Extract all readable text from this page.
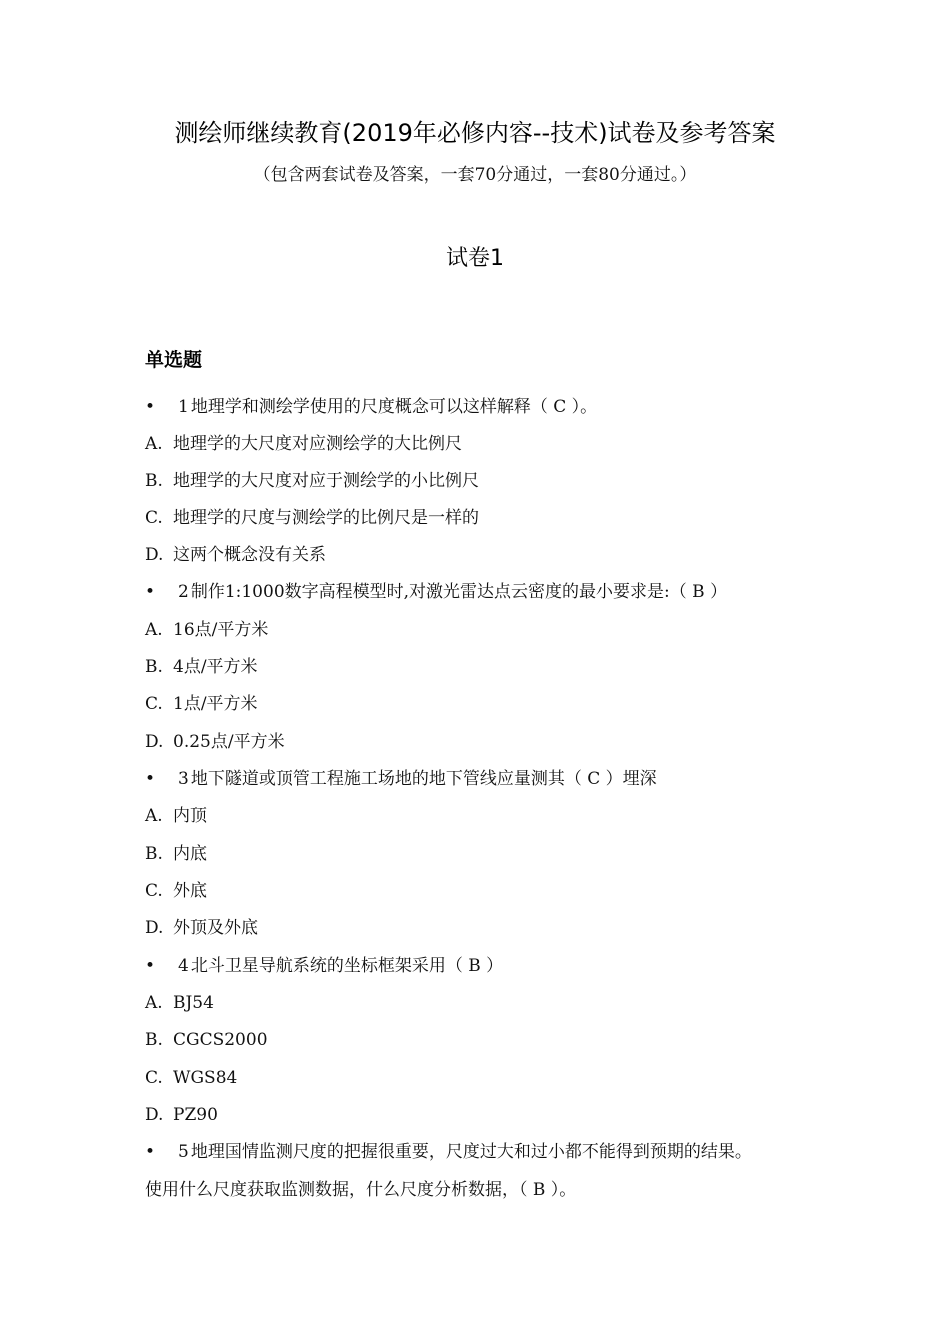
测绘师继续教育(2019年必修内容--技术)试卷及参考答案
（包含两套试卷及答案，一套70分通过，一套80分通过。）
试卷1
单选题
• 1 地理学和测绘学使用的尺度概念可以这样解释（ C ）。
A. 地理学的大尺度对应测绘学的大比例尺
B. 地理学的大尺度对应于测绘学的小比例尺
C. 地理学的尺度与测绘学的比例尺是一样的
D. 这两个概念没有关系
• 2 制作1:1000数字高程模型时,对激光雷达点云密度的最小要求是:（ B ）
A. 16点/平方米
B. 4点/平方米
C. 1点/平方米
D. 0.25点/平方米
• 3 地下隧道或顶管工程施工场地的地下管线应量测其（ C ）埋深
A. 内顶
B. 内底
C. 外底
D. 外顶及外底
• 4 北斗卫星导航系统的坐标框架采用（ B ）
A. BJ54
B. CGCS2000
C. WGS84
D. PZ90
• 5 地理国情监测尺度的把握很重要，尺度过大和过小都不能得到预期的结果。
使用什么尺度获取监测数据，什么尺度分析数据，（ B ）。
